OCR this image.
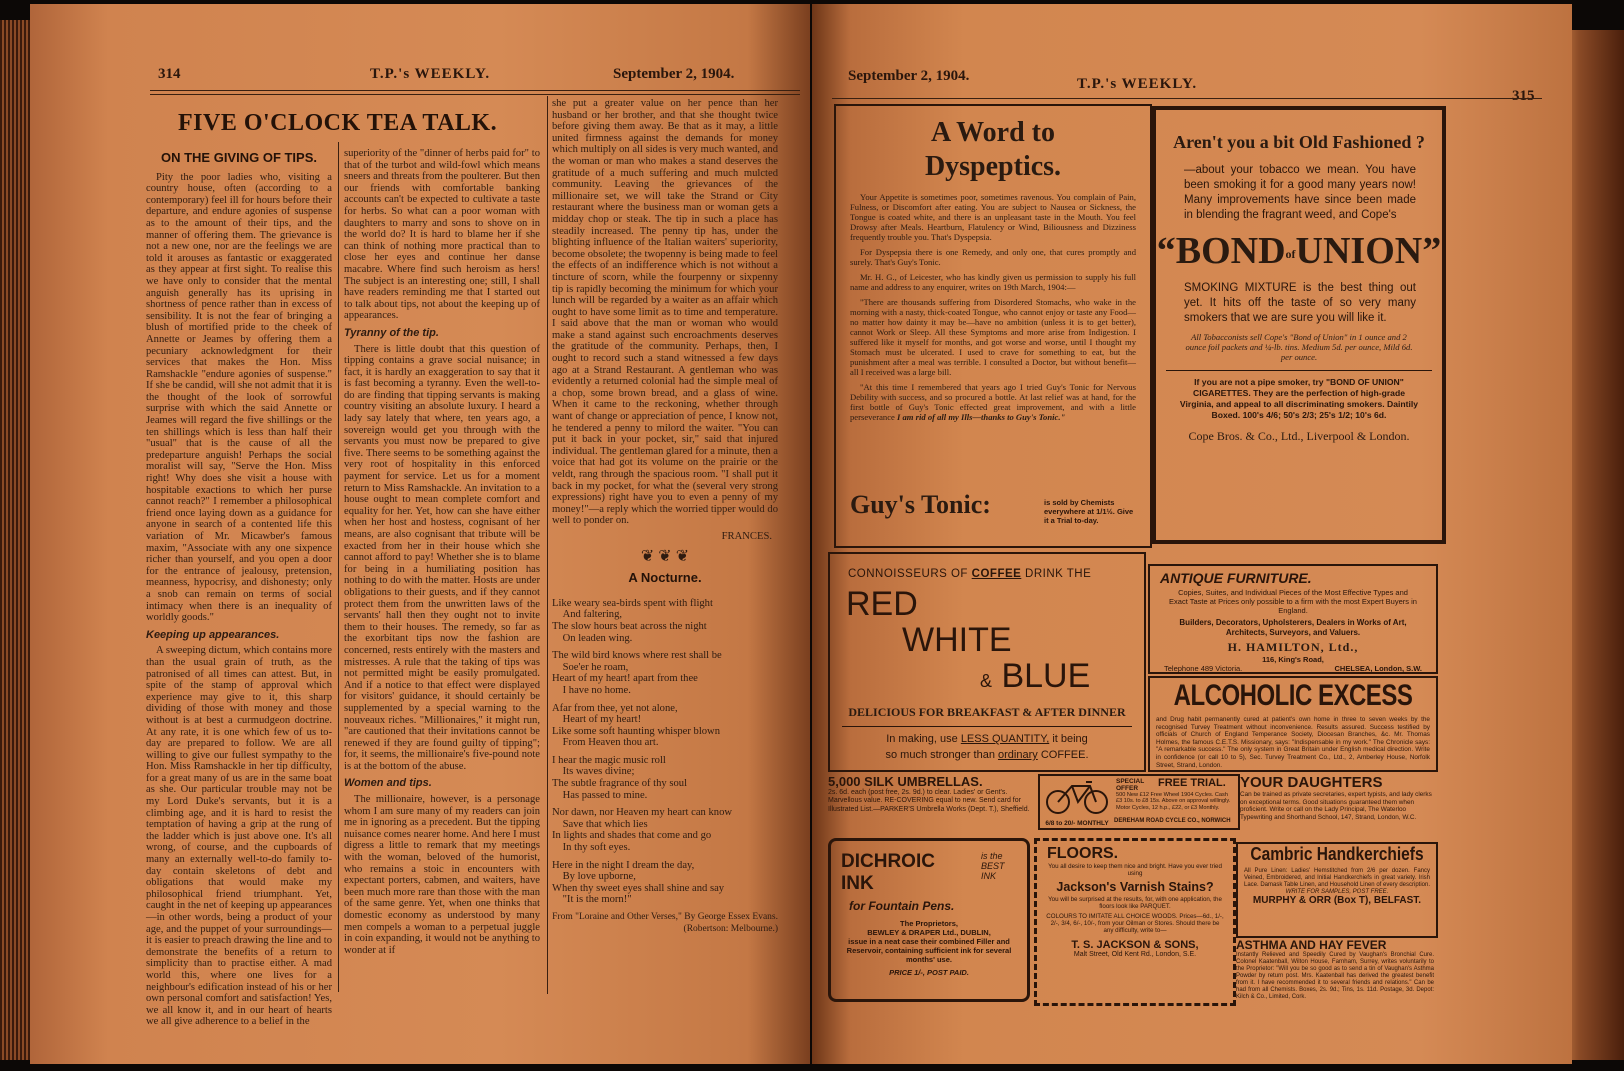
314	T.P.'s WEEKLY.	September 2, 1904.
FIVE O'CLOCK TEA TALK.
ON THE GIVING OF TIPS.

Pity the poor ladies who, visiting a country house, often (according to a contemporary) feel ill for hours before their departure, and endure agonies of suspense as to the amount of their tips, and the manner of offering them. The grievance is not a new one, nor are the feelings we are told it arouses as fantastic or exaggerated as they appear at first sight. To realise this we have only to consider that the mental anguish generally has its uprising in shortness of pence rather than in excess of sensibility. It is not the fear of bringing a blush of mortified pride to the cheek of Annette or Jeames by offering them a pecuniary acknowledgment for their services that makes the Hon. Miss Ramshackle "endure agonies of suspense." If she be candid, will she not admit that it is the thought of the look of sorrowful surprise with which the said Annette or Jeames will regard the five shillings or the ten shillings which is less than half their "usual" that is the cause of all the predeparture anguish! Perhaps the social moralist will say, "Serve the Hon. Miss right! Why does she visit a house with hospitable exactions to which her purse cannot reach?" I remember a philosophical friend once laying down as a guidance for anyone in search of a contented life this variation of Mr. Micawber's famous maxim, "Associate with any one sixpence richer than yourself, and you open a door for the entrance of jealousy, pretension, meanness, hypocrisy, and dishonesty; only a snob can remain on terms of social intimacy when there is an inequality of worldly goods."

Keeping up appearances.

A sweeping dictum, which contains more than the usual grain of truth, as the patronised of all times can attest. But, in spite of the stamp of approval which experience may give to it, this sharp dividing of those with money and those without is at best a curmudgeon doctrine. At any rate, it is one which few of us to-day are prepared to follow. We are all willing to give our fullest sympathy to the Hon. Miss Ramshackle in her tip difficulty, for a great many of us are in the same boat as she. Our particular trouble may not be my Lord Duke's servants, but it is a climbing age, and it is hard to resist the temptation of having a grip at the rung of the ladder which is just above one. It's all wrong, of course, and the cupboards of many an externally well-to-do family to-day contain skeletons of debt and obligations that would make my philosophical friend triumphant. Yet, caught in the net of keeping up appearances—in other words, being a product of your age, and the puppet of your surroundings—it is easier to preach drawing the line and to demonstrate the benefits of a return to simplicity than to practise either. A mad world this, where one lives for a neighbour's edification instead of his or her own personal comfort and satisfaction! Yes, we all know it, and in our heart of hearts we all give adherence to a belief in the

superiority of the "dinner of herbs paid for" to that of the turbot and wild-fowl which means sneers and threats from the poulterer. But then our friends with comfortable banking accounts can't be expected to cultivate a taste for herbs. So what can a poor woman with daughters to marry and sons to shove on in the world do? It is hard to blame her if she can think of nothing more practical than to close her eyes and continue her danse macabre. Where find such heroism as hers! The subject is an interesting one; still, I shall have readers reminding me that I started out to talk about tips, not about the keeping up of appearances.

Tyranny of the tip.

There is little doubt that this question of tipping contains a grave social nuisance; in fact, it is hardly an exaggeration to say that it is fast becoming a tyranny. Even the well-to-do are finding that tipping servants is making country visiting an absolute luxury. I heard a lady say lately that where, ten years ago, a sovereign would get you through with the servants you must now be prepared to give five. There seems to be something against the very root of hospitality in this enforced payment for service. Let us for a moment return to Miss Ramshackle. An invitation to a house ought to mean complete comfort and equality for her. Yet, how can she have either when her host and hostess, cognisant of her means, are also cognisant that tribute will be exacted from her in their house which she cannot afford to pay! Whether she is to blame for being in a humiliating position has nothing to do with the matter. Hosts are under obligations to their guests, and if they cannot protect them from the unwritten laws of the servants' hall then they ought not to invite them to their houses. The remedy, so far as the exorbitant tips now the fashion are concerned, rests entirely with the masters and mistresses. A rule that the taking of tips was not permitted might be easily promulgated. And if a notice to that effect were displayed for visitors' guidance, it should certainly be supplemented by a special warning to the nouveaux riches. "Millionaires," it might run, "are cautioned that their invitations cannot be renewed if they are found guilty of tipping"; for, it seems, the millionaire's five-pound note is at the bottom of the abuse.

Women and tips.

The millionaire, however, is a personage whom I am sure many of my readers can join me in ignoring as a precedent. But the tipping nuisance comes nearer home. And here I must digress a little to remark that my meetings with the woman, beloved of the humorist, who remains a stoic in encounters with expectant porters, cabmen, and waiters, have been much more rare than those with the man of the same genre. Yet, when one thinks that domestic economy as understood by many men compels a woman to a perpetual juggle in coin expanding, it would not be anything to wonder at if

she put a greater value on her pence than her husband or her brother, and that she thought twice before giving them away. Be that as it may, a little united firmness against the demands for money which multiply on all sides is very much wanted, and the woman or man who makes a stand deserves the gratitude of a much suffering and much mulcted community. Leaving the grievances of the millionaire set, we will take the Strand or City restaurant where the business man or woman gets a midday chop or steak. The tip in such a place has steadily increased. The penny tip has, under the blighting influence of the Italian waiters' superiority, become obsolete; the twopenny is being made to feel the effects of an indifference which is not without a tincture of scorn, while the fourpenny or sixpenny tip is rapidly becoming the minimum for which your lunch will be regarded by a waiter as an affair which ought to have some limit as to time and temperature. I said above that the man or woman who would make a stand against such encroachments deserves the gratitude of the community. Perhaps, then, I ought to record such a stand witnessed a few days ago at a Strand Restaurant. A gentleman who was evidently a returned colonial had the simple meal of a chop, some brown bread, and a glass of wine. When it came to the reckoning, whether through want of change or appreciation of pence, I know not, he tendered a penny to milord the waiter. "You can put it back in your pocket, sir," said that injured individual. The gentleman glared for a minute, then a voice that had got its volume on the prairie or the veldt, rang through the spacious room. "I shall put it back in my pocket, for what the (several very strong expressions) right have you to even a penny of my money!"—a reply which the worried tipper would do well to ponder on.

FRANCES.
❦ ❦ ❦
A Nocturne.

Like weary sea-birds spent with flight
And faltering,
The slow hours beat across the night
On leaden wing.

The wild bird knows where rest shall be
Soe'er he roam,
Heart of my heart! apart from thee
I have no home.

Afar from thee, yet not alone,
Heart of my heart!
Like some soft haunting whisper blown
From Heaven thou art.

I hear the magic music roll
Its waves divine;
The subtle fragrance of thy soul
Has passed to mine.

Nor dawn, nor Heaven my heart can know
Save that which lies
In lights and shades that come and go
In thy soft eyes.

Here in the night I dream the day,
By love upborne,
When thy sweet eyes shall shine and say
"It is the morn!"

From "Loraine and Other Verses," By George Essex Evans. (Robertson: Melbourne.)
September 2, 1904.	T.P.'s WEEKLY.
315
A Word to
Dyspeptics.

Your Appetite is sometimes poor, sometimes ravenous. You complain of Pain, Fulness, or Discomfort after eating. You are subject to Nausea or Sickness, the Tongue is coated white, and there is an unpleasant taste in the Mouth. You feel Drowsy after Meals. Heartburn, Flatulency or Wind, Biliousness and Dizziness frequently trouble you. That's Dyspepsia.

For Dyspepsia there is one Remedy, and only one, that cures promptly and surely. That's Guy's Tonic.

Mr. H. G., of Leicester, who has kindly given us permission to supply his full name and address to any enquirer, writes on 19th March, 1904:—

"There are thousands suffering from Disordered Stomachs, who wake in the morning with a nasty, thick-coated Tongue, who cannot enjoy or taste any Food—no matter how dainty it may be—have no ambition (unless it is to get better), cannot Work or Sleep. All these Symptoms and more arise from Indigestion. I suffered like it myself for months, and got worse and worse, until I thought my Stomach must be ulcerated. I used to crave for something to eat, but the punishment after a meal was terrible. I consulted a Doctor, but without benefit—all I received was a large bill.

"At this time I remembered that years ago I tried Guy's Tonic for Nervous Debility with success, and so procured a bottle. At last relief was at hand, for the first bottle of Guy's Tonic effected great improvement, and with a little perseverance I am rid of all my Ills—thanks to Guy's Tonic."

Guy's Tonic:	is sold by Chemists everywhere at 1/1½. Give it a Trial to-day.
Aren't you a bit Old Fashioned ?
—about your tobacco we mean. You have been smoking it for a good many years now! Many improvements have since been made in blending the fragrant weed, and Cope's
“BONDofUNION”
SMOKING MIXTURE is the best thing out yet. It hits off the taste of so very many smokers that we are sure you will like it.
All Tobacconists sell Cope's "Bond of Union" in 1 ounce and 2 ounce foil packets and ¼-lb. tins. Medium 5d. per ounce, Mild 6d. per ounce.
If you are not a pipe smoker, try "BOND OF UNION" CIGARETTES. They are the perfection of high-grade Virginia, and appeal to all discriminating smokers. Daintily Boxed. 100's 4/6; 50's 2/3; 25's 1/2; 10's 6d.
Cope Bros. & Co., Ltd., Liverpool & London.
CONNOISSEURS OF COFFEE DRINK THE
RED
WHITE
& BLUE
DELICIOUS FOR BREAKFAST & AFTER DINNER
In making, use LESS QUANTITY, it being
so much stronger than ordinary COFFEE.
ANTIQUE FURNITURE.
Copies, Suites, and Individual Pieces of the Most Effective Types and Exact Taste at Prices only possible to a firm with the most Expert Buyers in England.
Builders, Decorators, Upholsterers, Dealers in Works of Art, Architects, Surveyors, and Valuers.
H. HAMILTON, Ltd.,
116, King's Road,
Telephone 489 Victoria.	CHELSEA, London, S.W.
ALCOHOLIC EXCESS
and Drug habit permanently cured at patient's own home in three to seven weeks by the recognised Turvey Treatment without inconvenience. Results assured. Success testified by officials of Church of England Temperance Society, Diocesan Branches, &c. Mr. Thomas Holmes, the famous C.E.T.S. Missionary, says: "Indispensable in my work." The Chronicle says: "A remarkable success." The only system in Great Britain under English medical direction. Write in confidence (or call 10 to 5), Sec. Turvey Treatment Co., Ltd., 2, Amberley House, Norfolk Street, Strand, London.
5,000 SILK UMBRELLAS.
2s. 6d. each (post free, 2s. 9d.) to clear. Ladies' or Gent's. Marvellous value. RE-COVERING equal to new. Send card for Illustrated List.—PARKER'S Umbrella Works (Dept. T.), Sheffield.
6/8 to 20/- MONTHLY
SPECIAL OFFER	FREE TRIAL.
500 New £12 Free Wheel 1904 Cycles. Cash £3 10s. to £8 15s. Above on approval willingly. Motor Cycles, 12 h.p., £22, or £3 Monthly.
DEREHAM ROAD CYCLE CO., NORWICH
YOUR DAUGHTERS
Can be trained as private secretaries, expert typists, and lady clerks on exceptional terms. Good situations guaranteed them when proficient. Write or call on the Lady Principal, The Waterloo Typewriting and Shorthand School, 147, Strand, London, W.C.
DICHROIC
INK
is the BEST INK
for Fountain Pens.
The Proprietors,
BEWLEY & DRAPER Ltd., DUBLIN,
issue in a neat case their combined Filler and Reservoir, containing sufficient ink for several months' use.
PRICE 1/-, POST PAID.
FLOORS.
You all desire to keep them nice and bright. Have you ever tried using
Jackson's Varnish Stains?
You will be surprised at the results, for, with one application, the floors look like PARQUET.
COLOURS TO IMITATE ALL CHOICE WOODS. Prices—6d., 1/-, 2/-, 3/4, 6/-, 10/-, from your Oilman or Stores. Should there be any difficulty, write to—
T. S. JACKSON & SONS,
Malt Street, Old Kent Rd., London, S.E.
Cambric Handkerchiefs
All Pure Linen: Ladies' Hemstitched from 2/6 per dozen. Fancy Veined, Embroidered, and Initial Handkerchiefs in great variety. Irish Lace. Damask Table Linen, and Household Linen of every description.
WRITE FOR SAMPLES, POST FREE.
MURPHY & ORR (Box T), BELFAST.
ASTHMA AND HAY FEVER
Instantly Relieved and Speedily Cured by Vaughan's Bronchial Cure. Colonel Kaatenball, Wilton House, Farnham, Surrey, writes voluntarily to the Proprietor: "Will you be so good as to send a tin of Vaughan's Asthma Powder by return post. Mrs. Kaatenball has derived the greatest benefit from it. I have recommended it to several friends and relations." Can be had from all Chemists. Boxes, 2s. 9d.; Tins, 1s. 11d. Postage, 3d. Depot: Kilch & Co., Limited, Cork.
